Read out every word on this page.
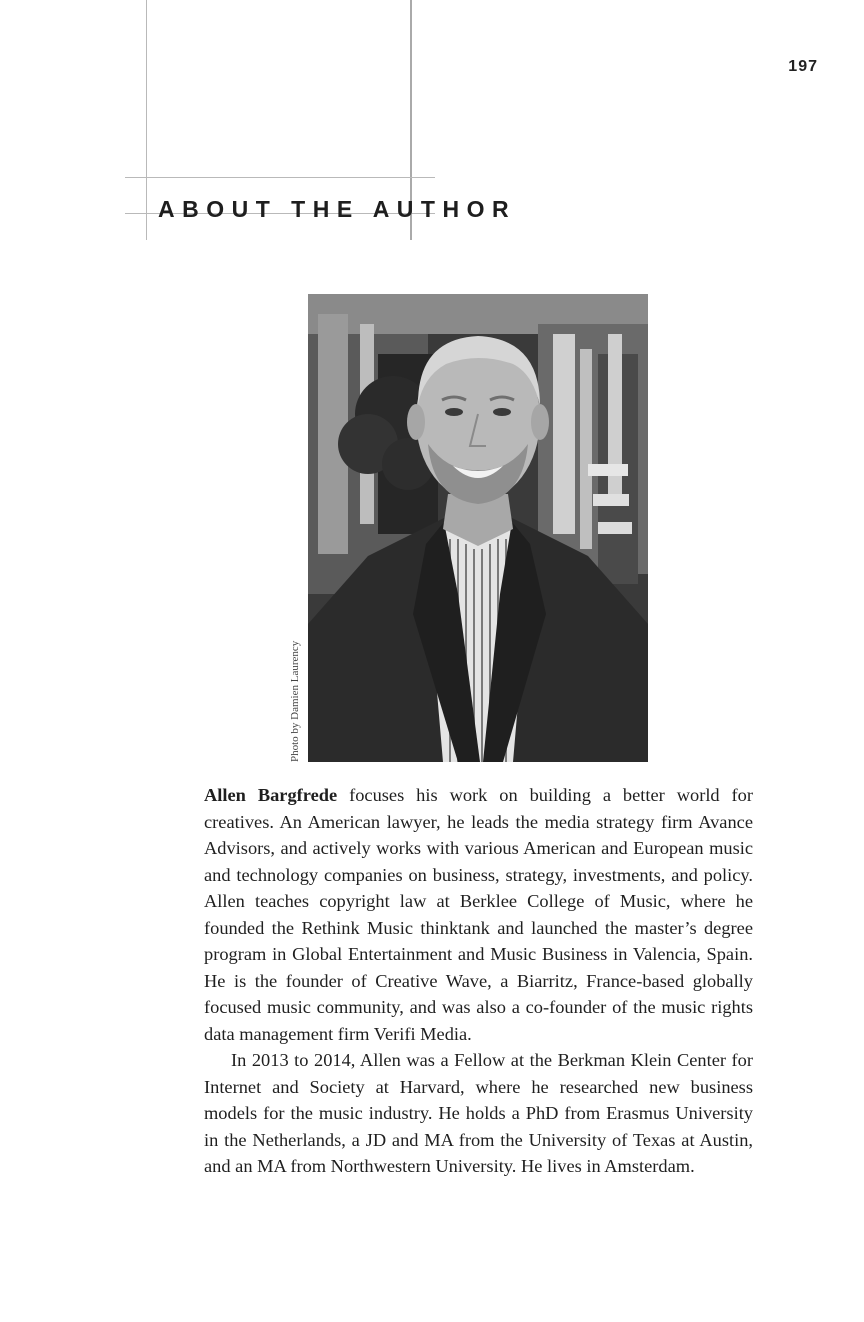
197
ABOUT THE AUTHOR
Photo by Damien Laurency

Allen Bargfrede focuses his work on building a better world for creatives. An American lawyer, he leads the media strategy firm Avance Advisors, and actively works with various American and European music and technology companies on business, strategy, investments, and policy. Allen teaches copyright law at Berklee College of Music, where he founded the Rethink Music thinktank and launched the master’s degree program in Global Entertainment and Music Business in Valencia, Spain. He is the founder of Creative Wave, a Biarritz, France-based globally focused music community, and was also a co-founder of the music rights data management firm Verifi Media.

In 2013 to 2014, Allen was a Fellow at the Berkman Klein Center for Internet and Society at Harvard, where he researched new business models for the music industry. He holds a PhD from Erasmus University in the Netherlands, a JD and MA from the University of Texas at Austin, and an MA from Northwestern University. He lives in Amsterdam.
